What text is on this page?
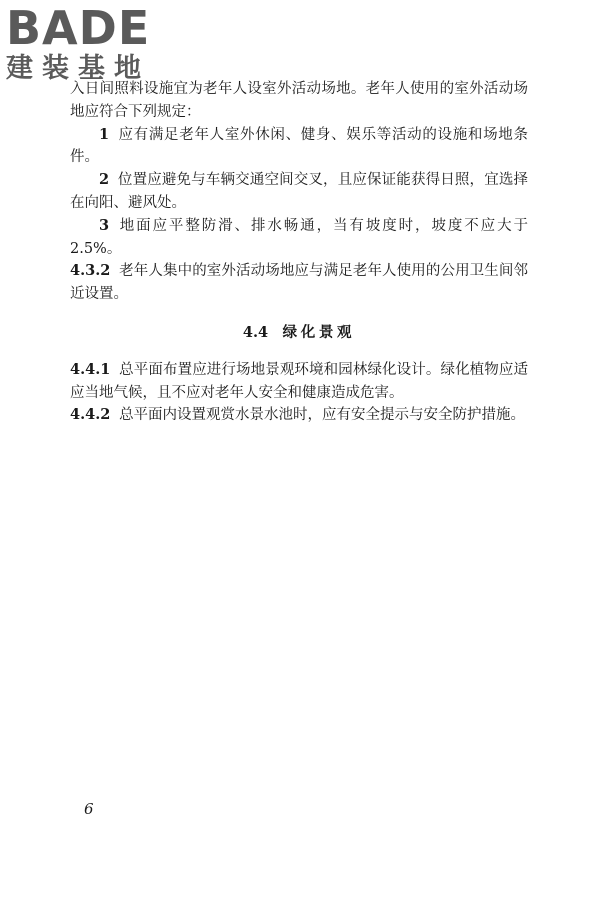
BADE
建装基地

入日间照料设施宜为老年人设室外活动场地。老年人使用的室外活动场地应符合下列规定：

1 应有满足老年人室外休闲、健身、娱乐等活动的设施和场地条件。

2 位置应避免与车辆交通空间交叉，且应保证能获得日照，宜选择在向阳、避风处。

3 地面应平整防滑、排水畅通，当有坡度时，坡度不应大于2.5%。

4.3.2 老年人集中的室外活动场地应与满足老年人使用的公用卫生间邻近设置。

4.4 绿化景观

4.4.1 总平面布置应进行场地景观环境和园林绿化设计。绿化植物应适应当地气候，且不应对老年人安全和健康造成危害。

4.4.2 总平面内设置观赏水景水池时，应有安全提示与安全防护措施。

6
